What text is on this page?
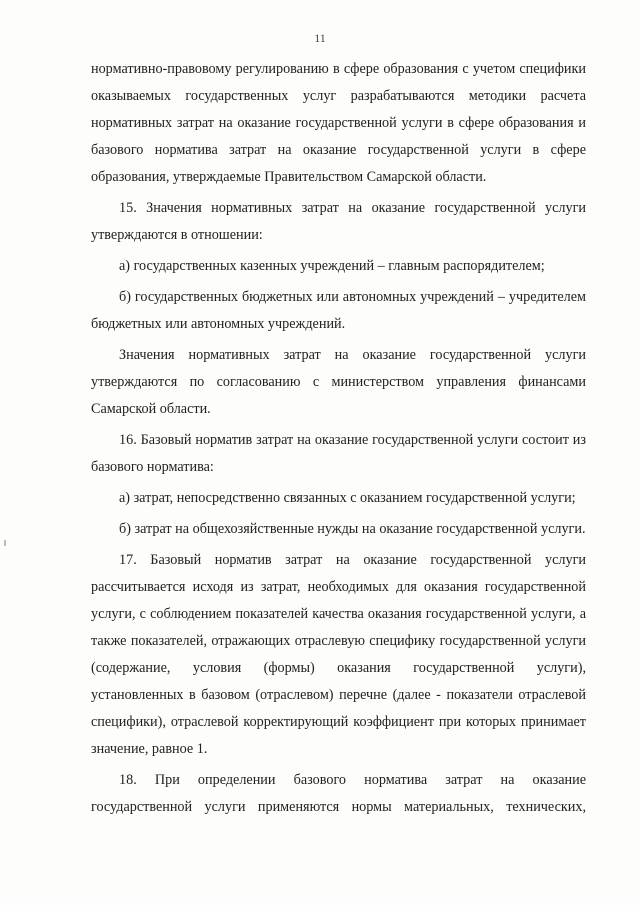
11

нормативно-правовому регулированию в сфере образования с учетом специфики оказываемых государственных услуг разрабатываются методики расчета нормативных затрат на оказание государственной услуги в сфере образования и базового норматива затрат на оказание государственной услуги в сфере образования, утверждаемые Правительством Самарской области.

15. Значения нормативных затрат на оказание государственной услуги утверждаются в отношении:

а) государственных казенных учреждений – главным распорядителем;

б) государственных бюджетных или автономных учреждений – учредителем бюджетных или автономных учреждений.

Значения нормативных затрат на оказание государственной услуги утверждаются по согласованию с министерством управления финансами Самарской области.

16. Базовый норматив затрат на оказание государственной услуги состоит из базового норматива:

а) затрат, непосредственно связанных с оказанием государственной услуги;

б) затрат на общехозяйственные нужды на оказание государственной услуги.

17. Базовый норматив затрат на оказание государственной услуги рассчитывается исходя из затрат, необходимых для оказания государственной услуги, с соблюдением показателей качества оказания государственной услуги, а также показателей, отражающих отраслевую специфику государственной услуги (содержание, условия (формы) оказания государственной услуги), установленных в базовом (отраслевом) перечне (далее - показатели отраслевой специфики), отраслевой корректирующий коэффициент при которых принимает значение, равное 1.

18. При определении базового норматива затрат на оказание государственной услуги применяются нормы материальных, технических,
